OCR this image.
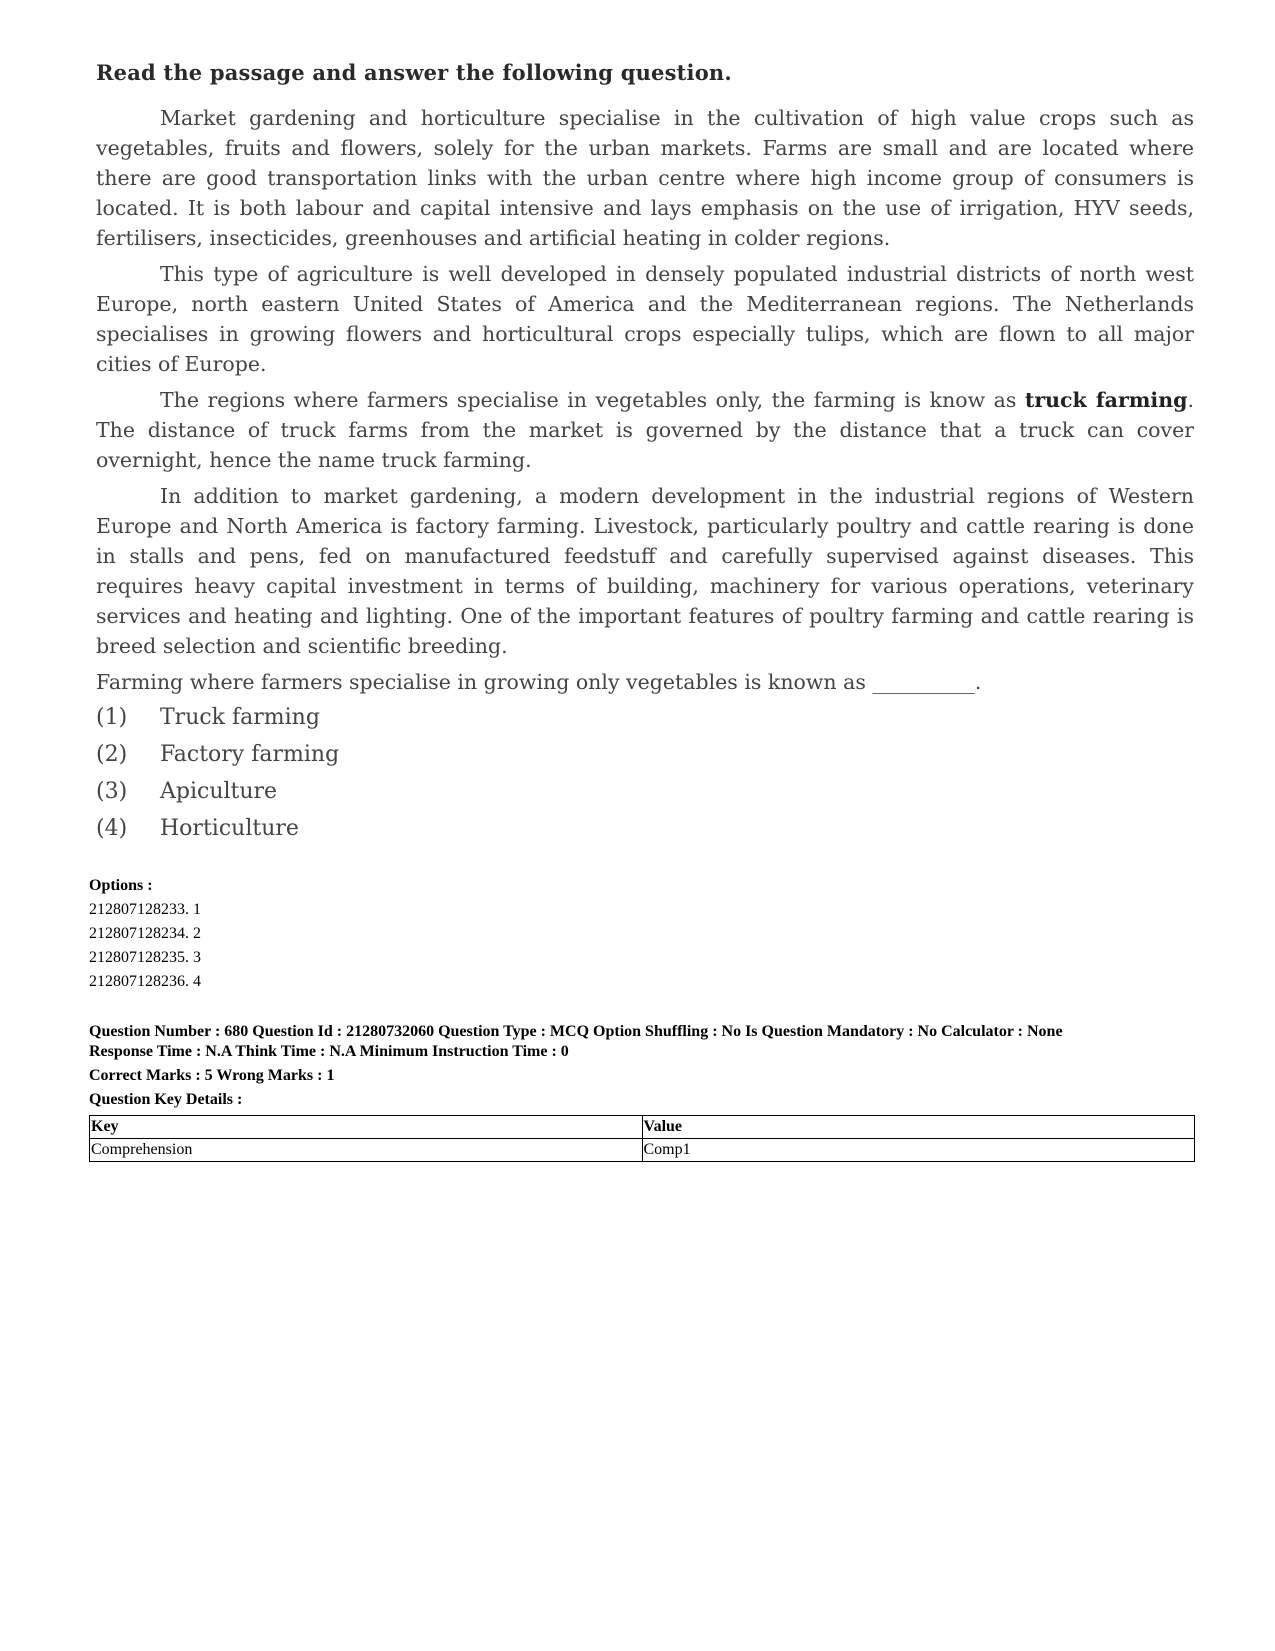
Read the passage and answer the following question.

Market gardening and horticulture specialise in the cultivation of high value crops such as vegetables, fruits and flowers, solely for the urban markets. Farms are small and are located where there are good transportation links with the urban centre where high income group of consumers is located. It is both labour and capital intensive and lays emphasis on the use of irrigation, HYV seeds, fertilisers, insecticides, greenhouses and artificial heating in colder regions.

This type of agriculture is well developed in densely populated industrial districts of north west Europe, north eastern United States of America and the Mediterranean regions. The Netherlands specialises in growing flowers and horticultural crops especially tulips, which are flown to all major cities of Europe.

The regions where farmers specialise in vegetables only, the farming is know as truck farming. The distance of truck farms from the market is governed by the distance that a truck can cover overnight, hence the name truck farming.

In addition to market gardening, a modern development in the industrial regions of Western Europe and North America is factory farming. Livestock, particularly poultry and cattle rearing is done in stalls and pens, fed on manufactured feedstuff and carefully supervised against diseases. This requires heavy capital investment in terms of building, machinery for various operations, veterinary services and heating and lighting. One of the important features of poultry farming and cattle rearing is breed selection and scientific breeding.

Farming where farmers specialise in growing only vegetables is known as __________.
(1)	Truck farming
(2)	Factory farming
(3)	Apiculture
(4)	Horticulture
Options :
212807128233. 1
212807128234. 2
212807128235. 3
212807128236. 4
Question Number : 680 Question Id : 21280732060 Question Type : MCQ Option Shuffling : No Is Question Mandatory : No Calculator : None
Response Time : N.A Think Time : N.A Minimum Instruction Time : 0
Correct Marks : 5 Wrong Marks : 1
Question Key Details :
Key	Value
Comprehension	Comp1
